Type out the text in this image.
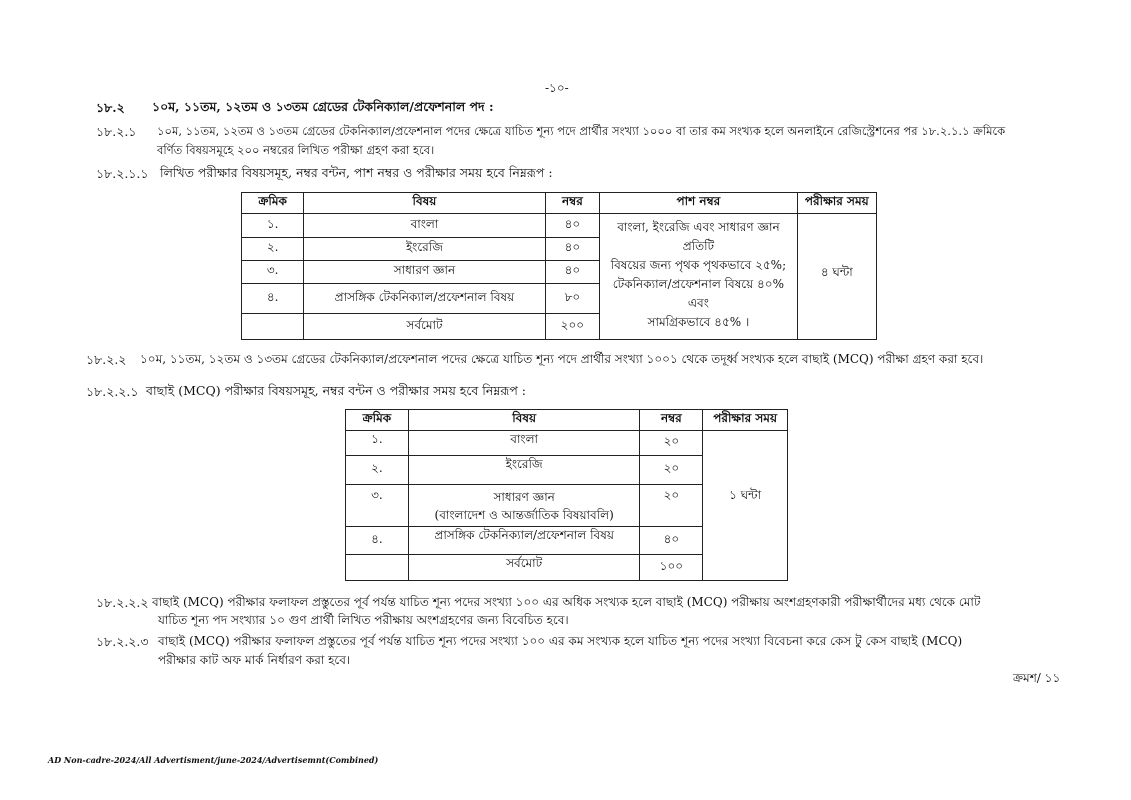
-১০-
১৮.২ ১০ম, ১১তম, ১২তম ও ১৩তম গ্রেডের টেকনিক্যাল/প্রফেশনাল পদ :
১৮.২.১ ১০ম, ১১তম, ১২তম ও ১৩তম গ্রেডের টেকনিক্যাল/প্রফেশনাল পদের ক্ষেত্রে যাচিত শূন্য পদে প্রার্থীর সংখ্যা ১০০০ বা তার কম সংখ্যক হলে অনলাইনে রেজিস্ট্রেশনের পর ১৮.২.১.১ ক্রমিকে
বর্ণিত বিষয়সমূহে ২০০ নম্বরের লিখিত পরীক্ষা গ্রহণ করা হবে।
১৮.২.১.১ লিখিত পরীক্ষার বিষয়সমূহ, নম্বর বন্টন, পাশ নম্বর ও পরীক্ষার সময় হবে নিম্নরূপ :
ক্রমিক	বিষয়	নম্বর	পাশ নম্বর	পরীক্ষার সময়
১.	বাংলা	৪০	বাংলা, ইংরেজি এবং সাধারণ জ্ঞান প্রতিটি
বিষয়ের জন্য পৃথক পৃথকভাবে ২৫%;
টেকনিক্যাল/প্রফেশনাল বিষয়ে ৪০% এবং
সামগ্রিকভাবে ৪৫% ।	৪ ঘন্টা
২.	ইংরেজি	৪০		
৩.	সাধারণ জ্ঞান	৪০		
৪.	প্রাসঙ্গিক টেকনিক্যাল/প্রফেশনাল বিষয়	৮০		
	সর্বমোট	২০০		
১৮.২.২ ১০ম, ১১তম, ১২তম ও ১৩তম গ্রেডের টেকনিক্যাল/প্রফেশনাল পদের ক্ষেত্রে যাচিত শূন্য পদে প্রার্থীর সংখ্যা ১০০১ থেকে তদূর্ধ্ব সংখ্যক হলে বাছাই (MCQ) পরীক্ষা গ্রহণ করা হবে।
১৮.২.২.১ বাছাই (MCQ) পরীক্ষার বিষয়সমূহ, নম্বর বন্টন ও পরীক্ষার সময় হবে নিম্নরূপ :
ক্রমিক	বিষয়	নম্বর	পরীক্ষার সময়
১.	বাংলা	২০	১ ঘন্টা
২.	ইংরেজি	২০	
৩.	সাধারণ জ্ঞান
(বাংলাদেশ ও আন্তর্জাতিক বিষয়াবলি)	২০	
৪.	প্রাসঙ্গিক টেকনিক্যাল/প্রফেশনাল বিষয়	৪০	
	সর্বমোট	১০০	
১৮.২.২.২ বাছাই (MCQ) পরীক্ষার ফলাফল প্রস্তুতের পূর্ব পর্যন্ত যাচিত শূন্য পদের সংখ্যা ১০০ এর অধিক সংখ্যক হলে বাছাই (MCQ) পরীক্ষায় অংশগ্রহণকারী পরীক্ষার্থীদের মধ্য থেকে মোট
যাচিত শূন্য পদ সংখ্যার ১০ গুণ প্রার্থী লিখিত পরীক্ষায় অংশগ্রহণের জন্য বিবেচিত হবে।
১৮.২.২.৩ বাছাই (MCQ) পরীক্ষার ফলাফল প্রস্তুতের পূর্ব পর্যন্ত যাচিত শূন্য পদের সংখ্যা ১০০ এর কম সংখ্যক হলে যাচিত শূন্য পদের সংখ্যা বিবেচনা করে কেস টু কেস বাছাই (MCQ)
পরীক্ষার কাট অফ মার্ক নির্ধারণ করা হবে।
ক্রমশ/ ১১
AD Non-cadre-2024/All Advertisment/june-2024/Advertisemnt(Combined)
